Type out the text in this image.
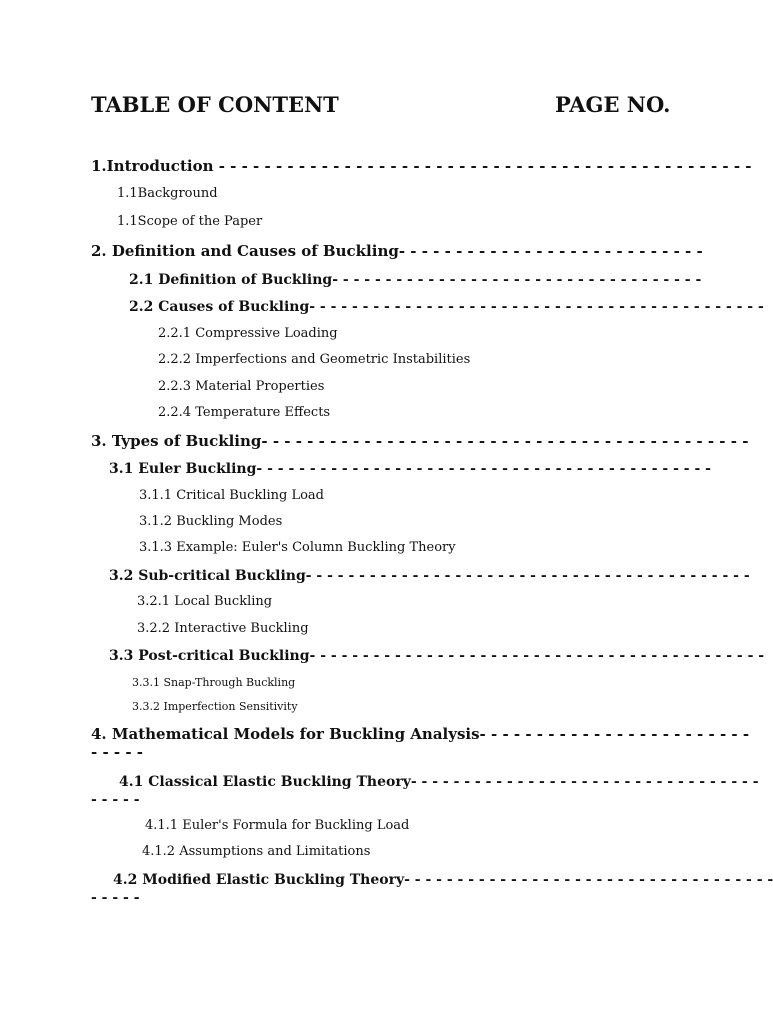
TABLE OF CONTENT	PAGE NO.
1.Introduction - - - - - - - - - - - - - - - - - - - - - - - - - - - - - - - - - - - - - - - - - - - - - - -
1.1Background
1.1Scope of the Paper
2. Definition and Causes of Buckling- - - - - - - - - - - - - - - - - - - - - - - - - - -
2.1 Definition of Buckling- - - - - - - - - - - - - - - - - - - - - - - - - - - - - - - - - - -
2.2 Causes of Buckling- - - - - - - - - - - - - - - - - - - - - - - - - - - - - - - - - - - - - - - - - - -
2.2.1 Compressive Loading
2.2.2 Imperfections and Geometric Instabilities
2.2.3 Material Properties
2.2.4 Temperature Effects
3. Types of Buckling- - - - - - - - - - - - - - - - - - - - - - - - - - - - - - - - - - - - - - - - - - -
3.1 Euler Buckling- - - - - - - - - - - - - - - - - - - - - - - - - - - - - - - - - - - - - - - - - - -
3.1.1 Critical Buckling Load
3.1.2 Buckling Modes
3.1.3 Example: Euler's Column Buckling Theory
3.2 Sub-critical Buckling- - - - - - - - - - - - - - - - - - - - - - - - - - - - - - - - - - - - - - - - - -
3.2.1 Local Buckling
3.2.2 Interactive Buckling
3.3 Post-critical Buckling- - - - - - - - - - - - - - - - - - - - - - - - - - - - - - - - - - - - - - - - - - -
3.3.1 Snap-Through Buckling
3.3.2 Imperfection Sensitivity
4. Mathematical Models for Buckling Analysis- - - - - - - - - - - - - - - - - - - - - - - -
- - - - -
4.1 Classical Elastic Buckling Theory- - - - - - - - - - - - - - - - - - - - - - - - - - - - - - - - -
- - - - -
4.1.1 Euler's Formula for Buckling Load
4.1.2 Assumptions and Limitations
4.2 Modified Elastic Buckling Theory- - - - - - - - - - - - - - - - - - - - - - - - - - - - - - - - - - -
- - - - -
